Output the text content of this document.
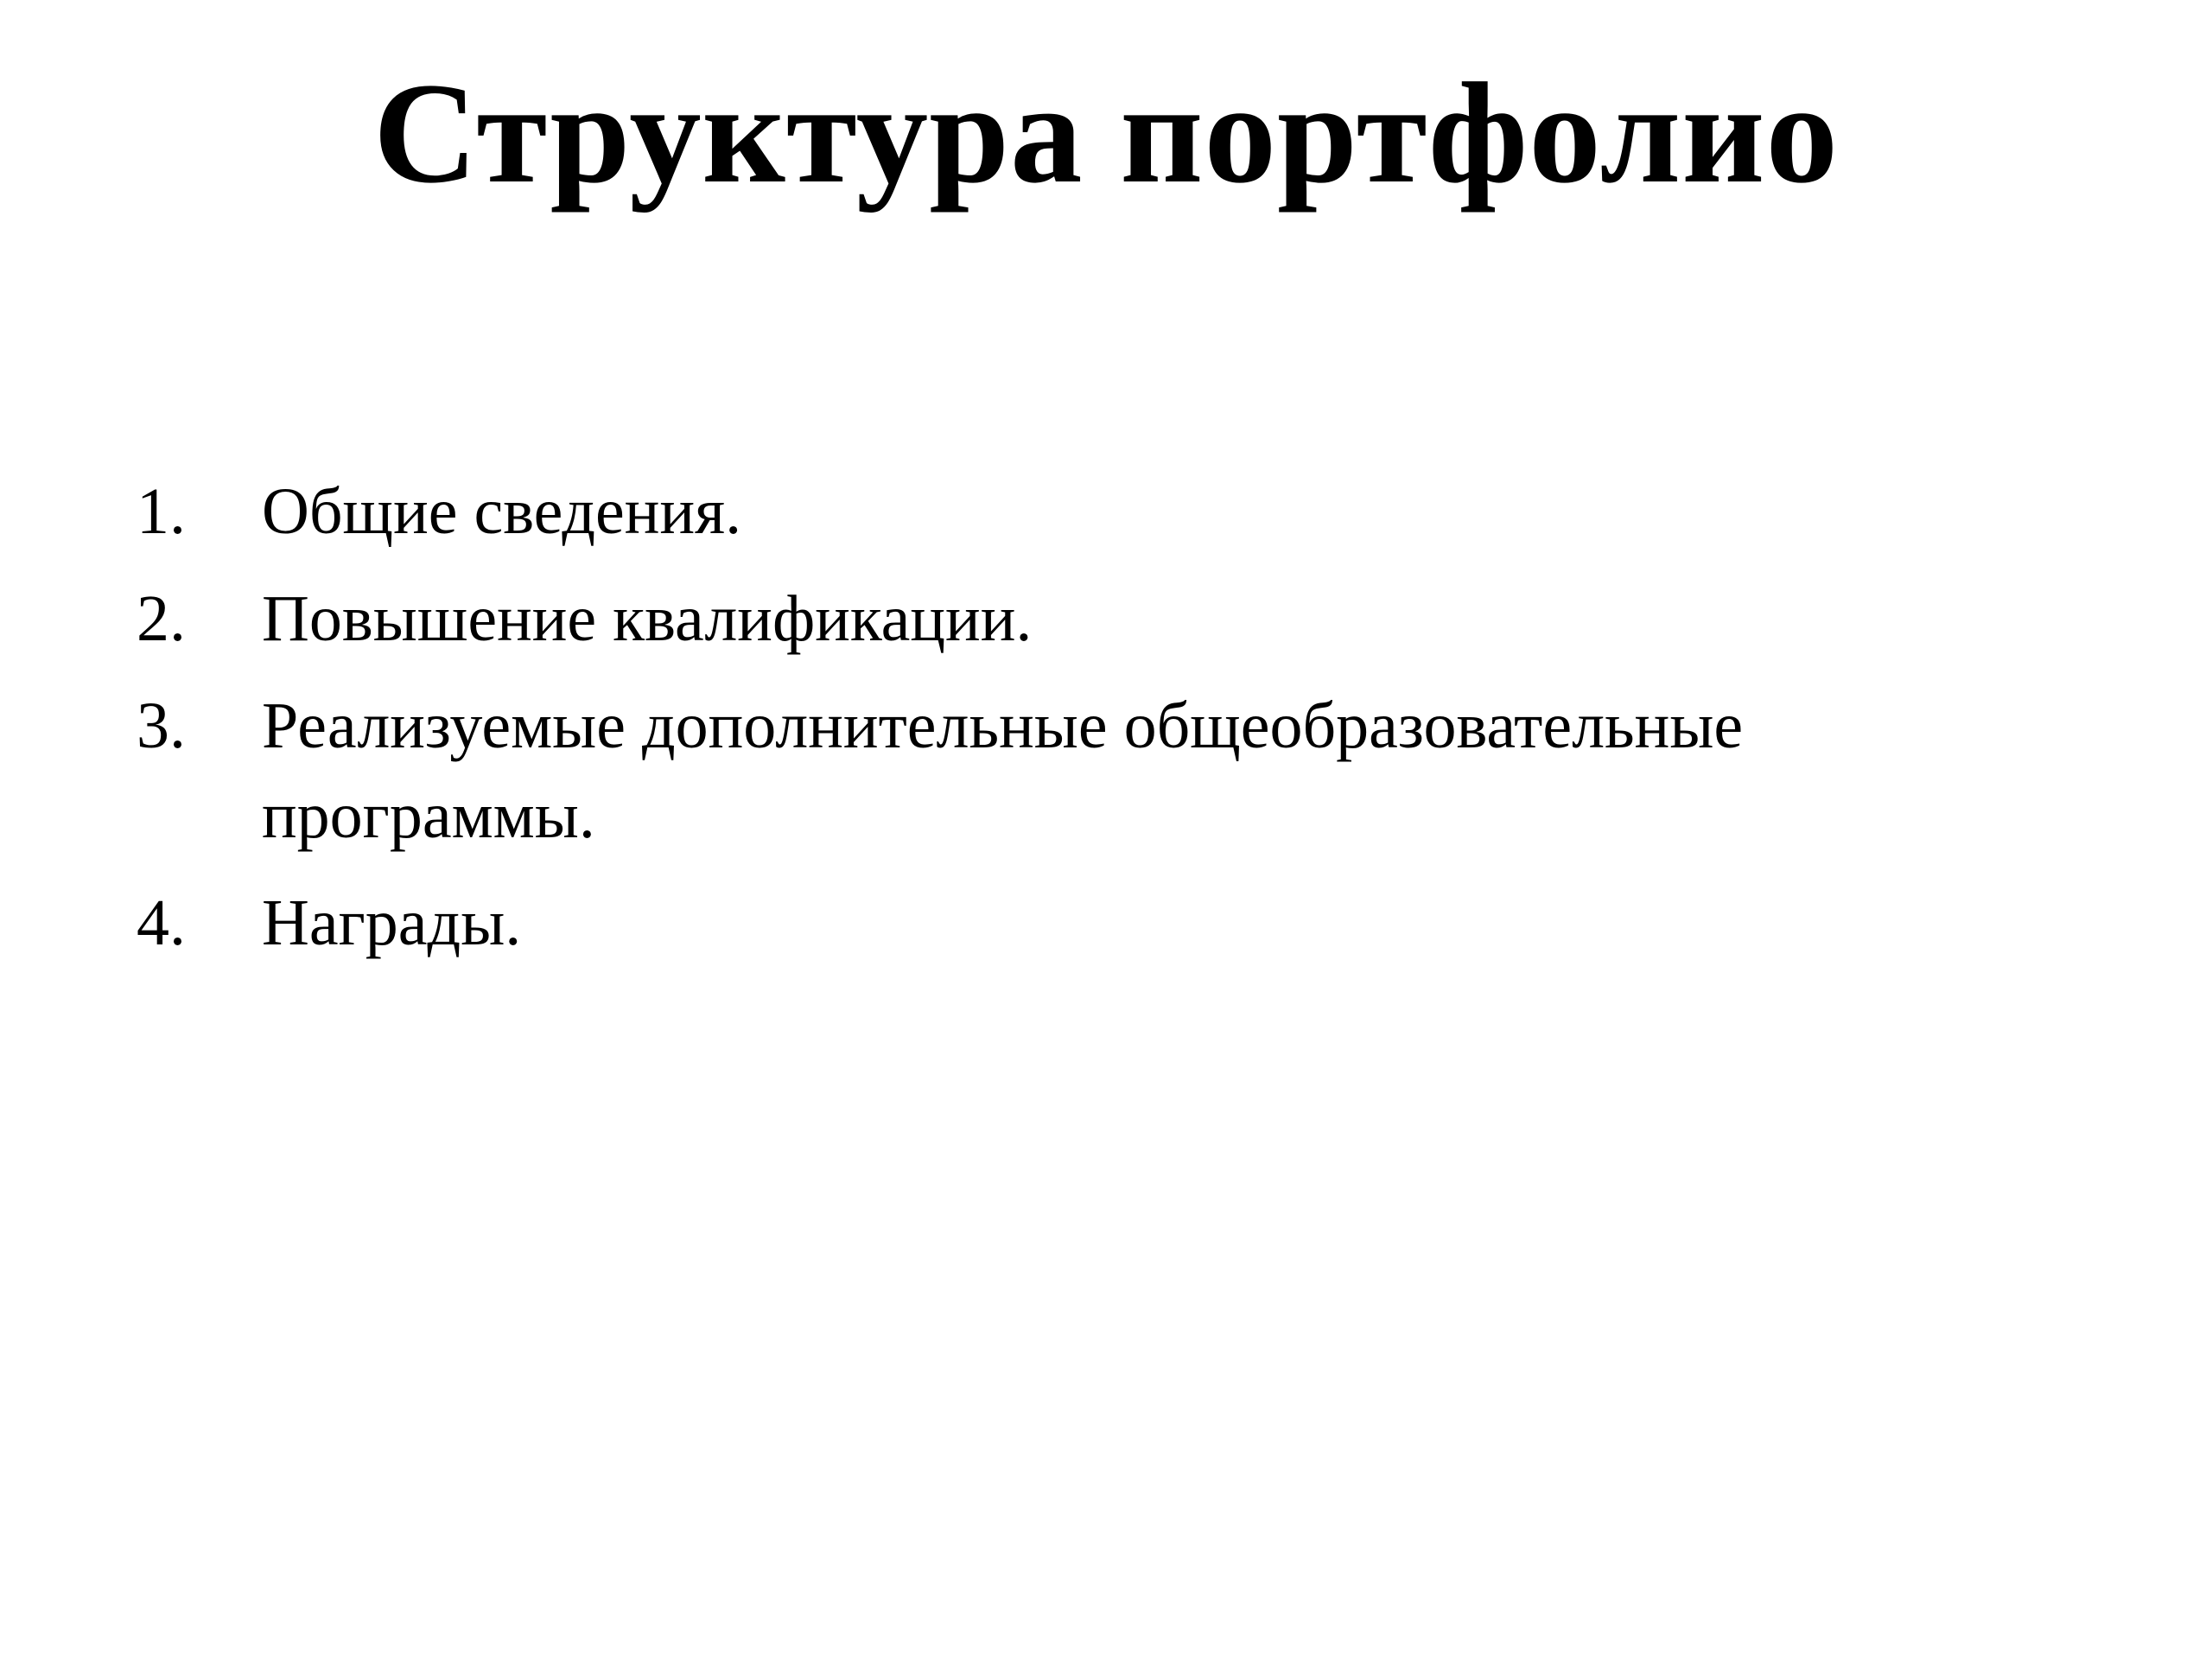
Структура портфолио
1.	Общие сведения.
2.	Повышение квалификации.
3.	Реализуемые дополнительные общеобразовательные программы.
4.	Награды.
